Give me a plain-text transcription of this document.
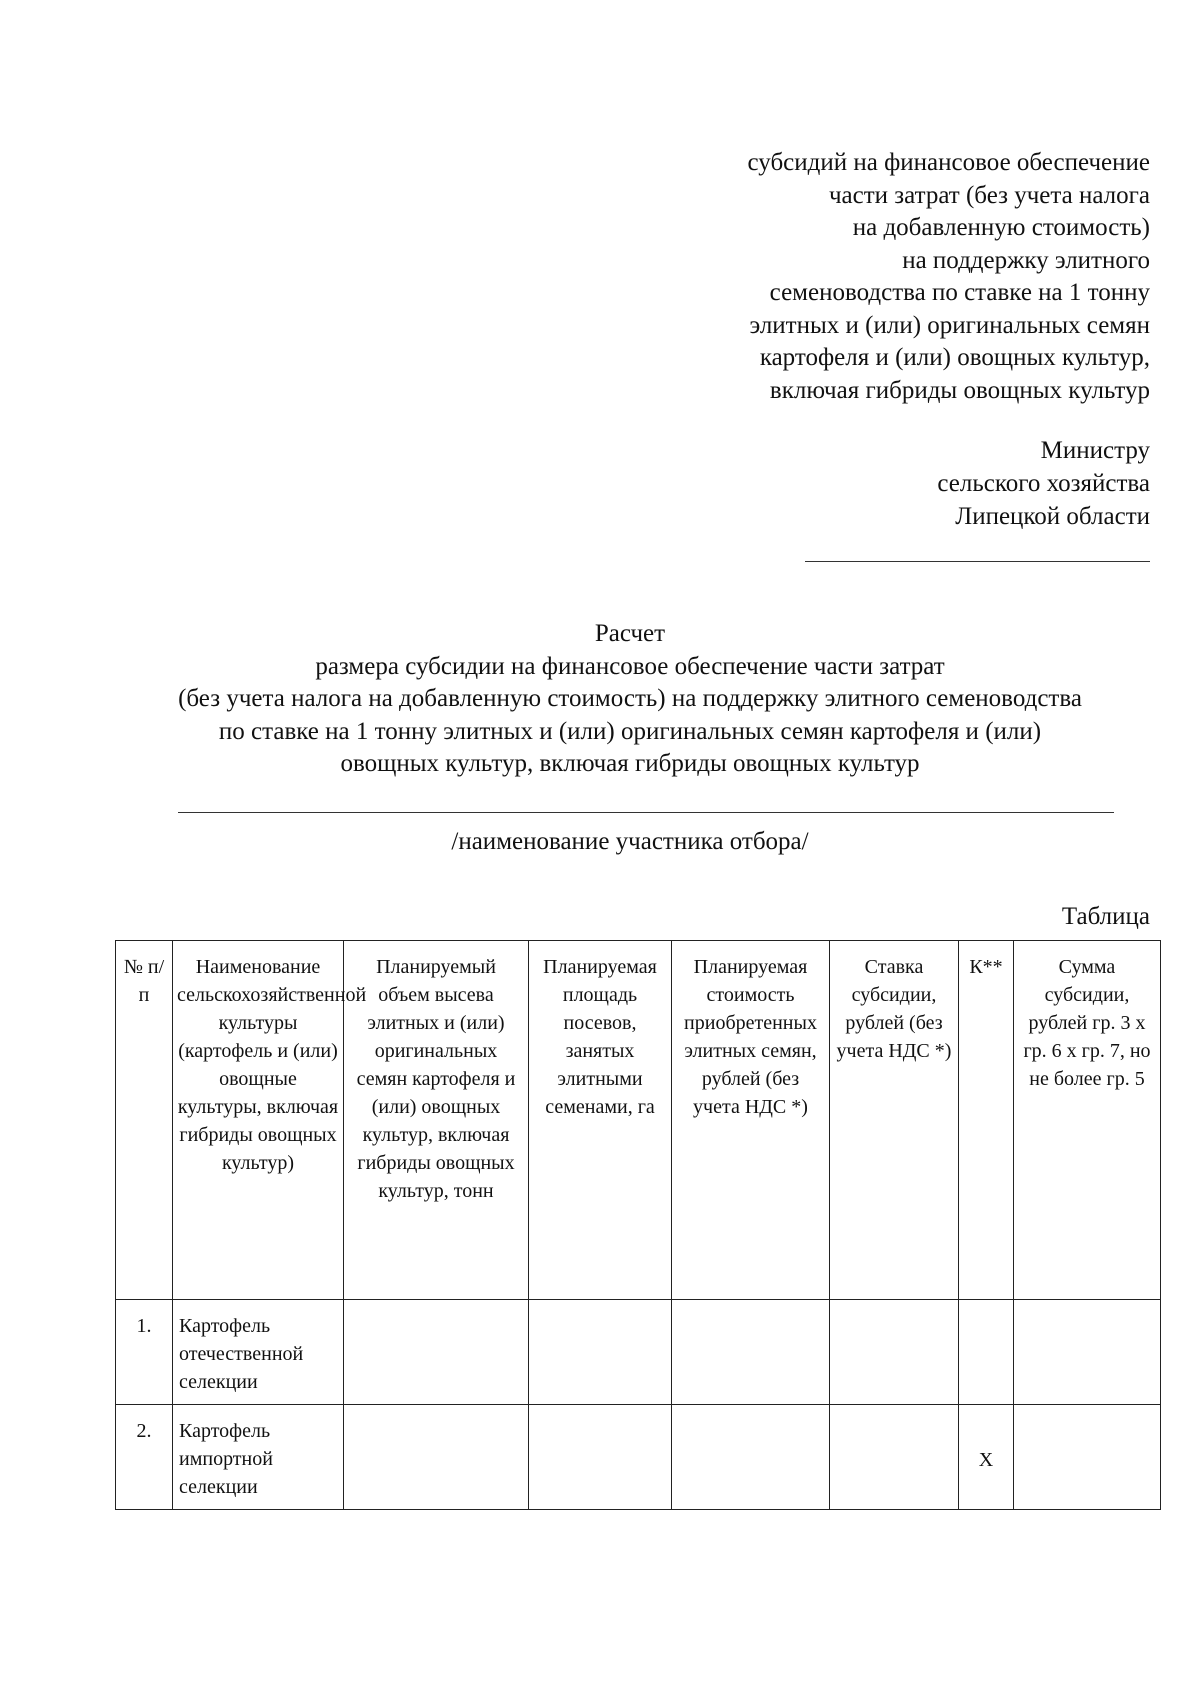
субсидий на финансовое обеспечение
части затрат (без учета налога
на добавленную стоимость)
на поддержку элитного
семеноводства по ставке на 1 тонну
элитных и (или) оригинальных семян
картофеля и (или) овощных культур,
включая гибриды овощных культур
Министру
сельского хозяйства
Липецкой области
Расчет
размера субсидии на финансовое обеспечение части затрат
(без учета налога на добавленную стоимость) на поддержку элитного семеноводства
по ставке на 1 тонну элитных и (или) оригинальных семян картофеля и (или)
овощных культур, включая гибриды овощных культур
/наименование участника отбора/
Таблица
№ п/п	Наименование сельскохозяйственной культуры (картофель и (или) овощные культуры, включая гибриды овощных культур)	Планируемый объем высева элитных и (или) оригинальных семян картофеля и (или) овощных культур, включая гибриды овощных культур, тонн	Планируемая площадь посевов, занятых элитными семенами, га	Планируемая стоимость приобретенных элитных семян, рублей (без учета НДС *)	Ставка субсидии, рублей (без учета НДС *)	К**	Сумма субсидии, рублей гр. 3 х гр. 6 х гр. 7, но не более гр. 5
1.	Картофель отечественной селекции						
2.	Картофель импортной селекции					Х	
